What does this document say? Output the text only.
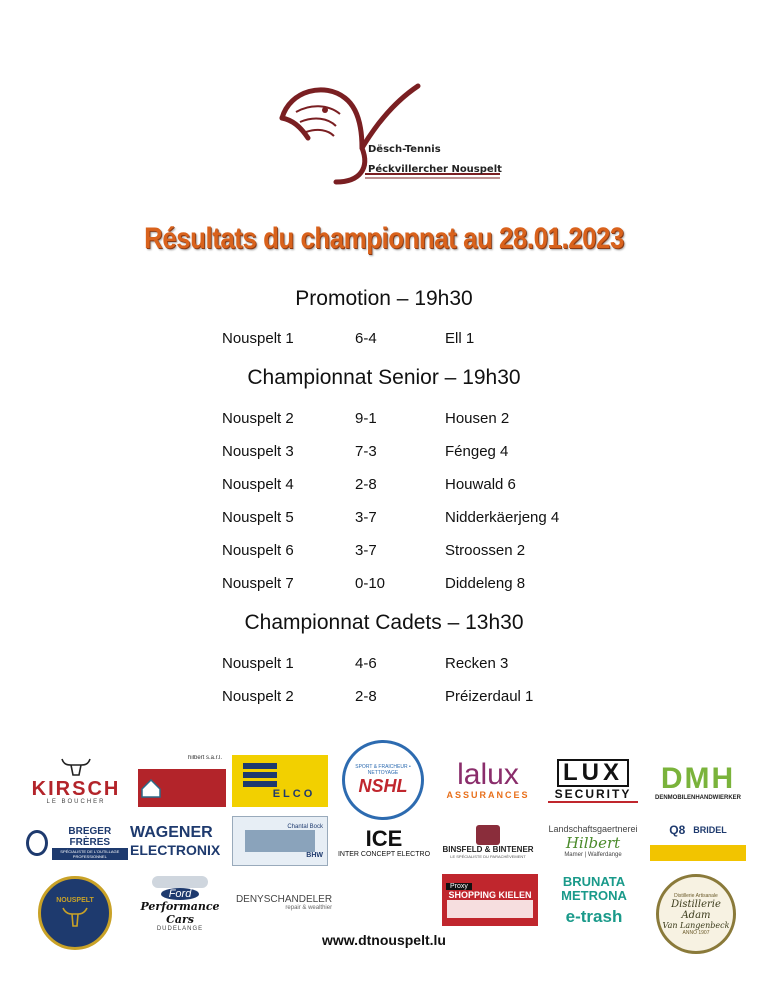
Dësch-Tennis
Péckvillercher Nouspelt
Résultats du championnat au 28.01.2023
Promotion – 19h30
Nouspelt 1	6-4	Ell 1
Championnat Senior – 19h30
Nouspelt 2	9-1	Housen 2
Nouspelt 3	7-3	Féngeg 4
Nouspelt 4	2-8	Houwald 6
Nouspelt 5	3-7	Nidderkäerjeng 4
Nouspelt 6	3-7	Stroossen 2
Nouspelt 7	0-10	Diddeleng 8
Championnat Cadets – 13h30
Nouspelt 1	4-6	Recken 3
Nouspelt 2	2-8	Préizerdaul 1
KIRSCH
LE BOUCHER
hilbert s.a.r.l.
ELCO
SPORT & FRAICHEUR • NETTOYAGE
NSHL lalux
ASSURANCES
LUX
SECURITY DMH
DENMOBILENHANDWIERKER
BREGER FRÈRES
SPÉCIALISTE DE L'OUTILLAGE PROFESSIONNEL
WAGENER
ELECTRONIX
Chantal Bock
BHW
ICE
INTER CONCEPT ELECTRO BINSFELD & BINTENER
LE SPÉCIALISTE DU PARACHÈVEMENT
Landschaftsgaertnerei
Hilbert
Mamer | Walferdange
Q8 BRIDEL
NOUSPELT	Ford
Performance Cars
DUDELANGE
DENYSCHANDELER
repair & wealthier
Proxy
SHOPPING KIELEN
BRUNATA
METRONA
e-trash
Distillerie Artisanale
Distillerie Adam
Van Langenbeck
ANNO 1907
www.dtnouspelt.lu
